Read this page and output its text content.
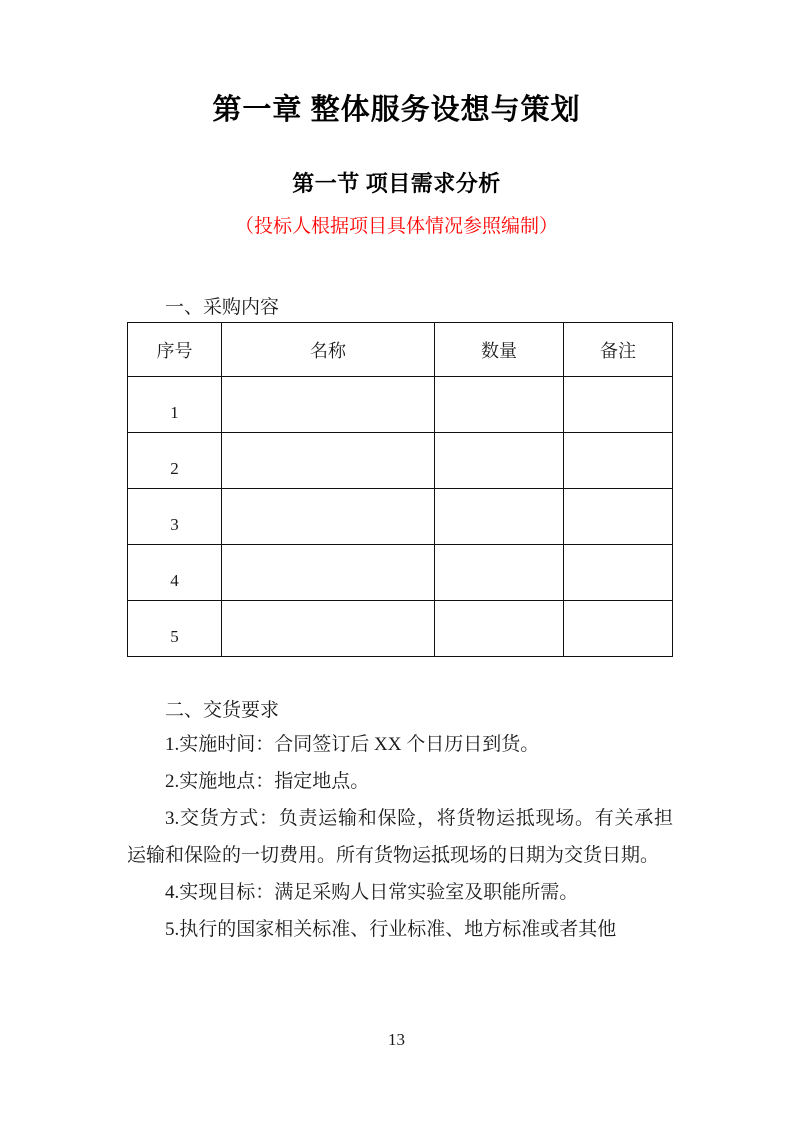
第一章 整体服务设想与策划
第一节 项目需求分析
（投标人根据项目具体情况参照编制）
一、采购内容
序号	名称	数量	备注
1			
2			
3			
4			
5			
二、交货要求

1.实施时间：合同签订后 XX 个日历日到货。

2.实施地点：指定地点。

3.交货方式：负责运输和保险，将货物运抵现场。有关承担运输和保险的一切费用。所有货物运抵现场的日期为交货日期。

4.实现目标：满足采购人日常实验室及职能所需。

5.执行的国家相关标准、行业标准、地方标准或者其他

13
